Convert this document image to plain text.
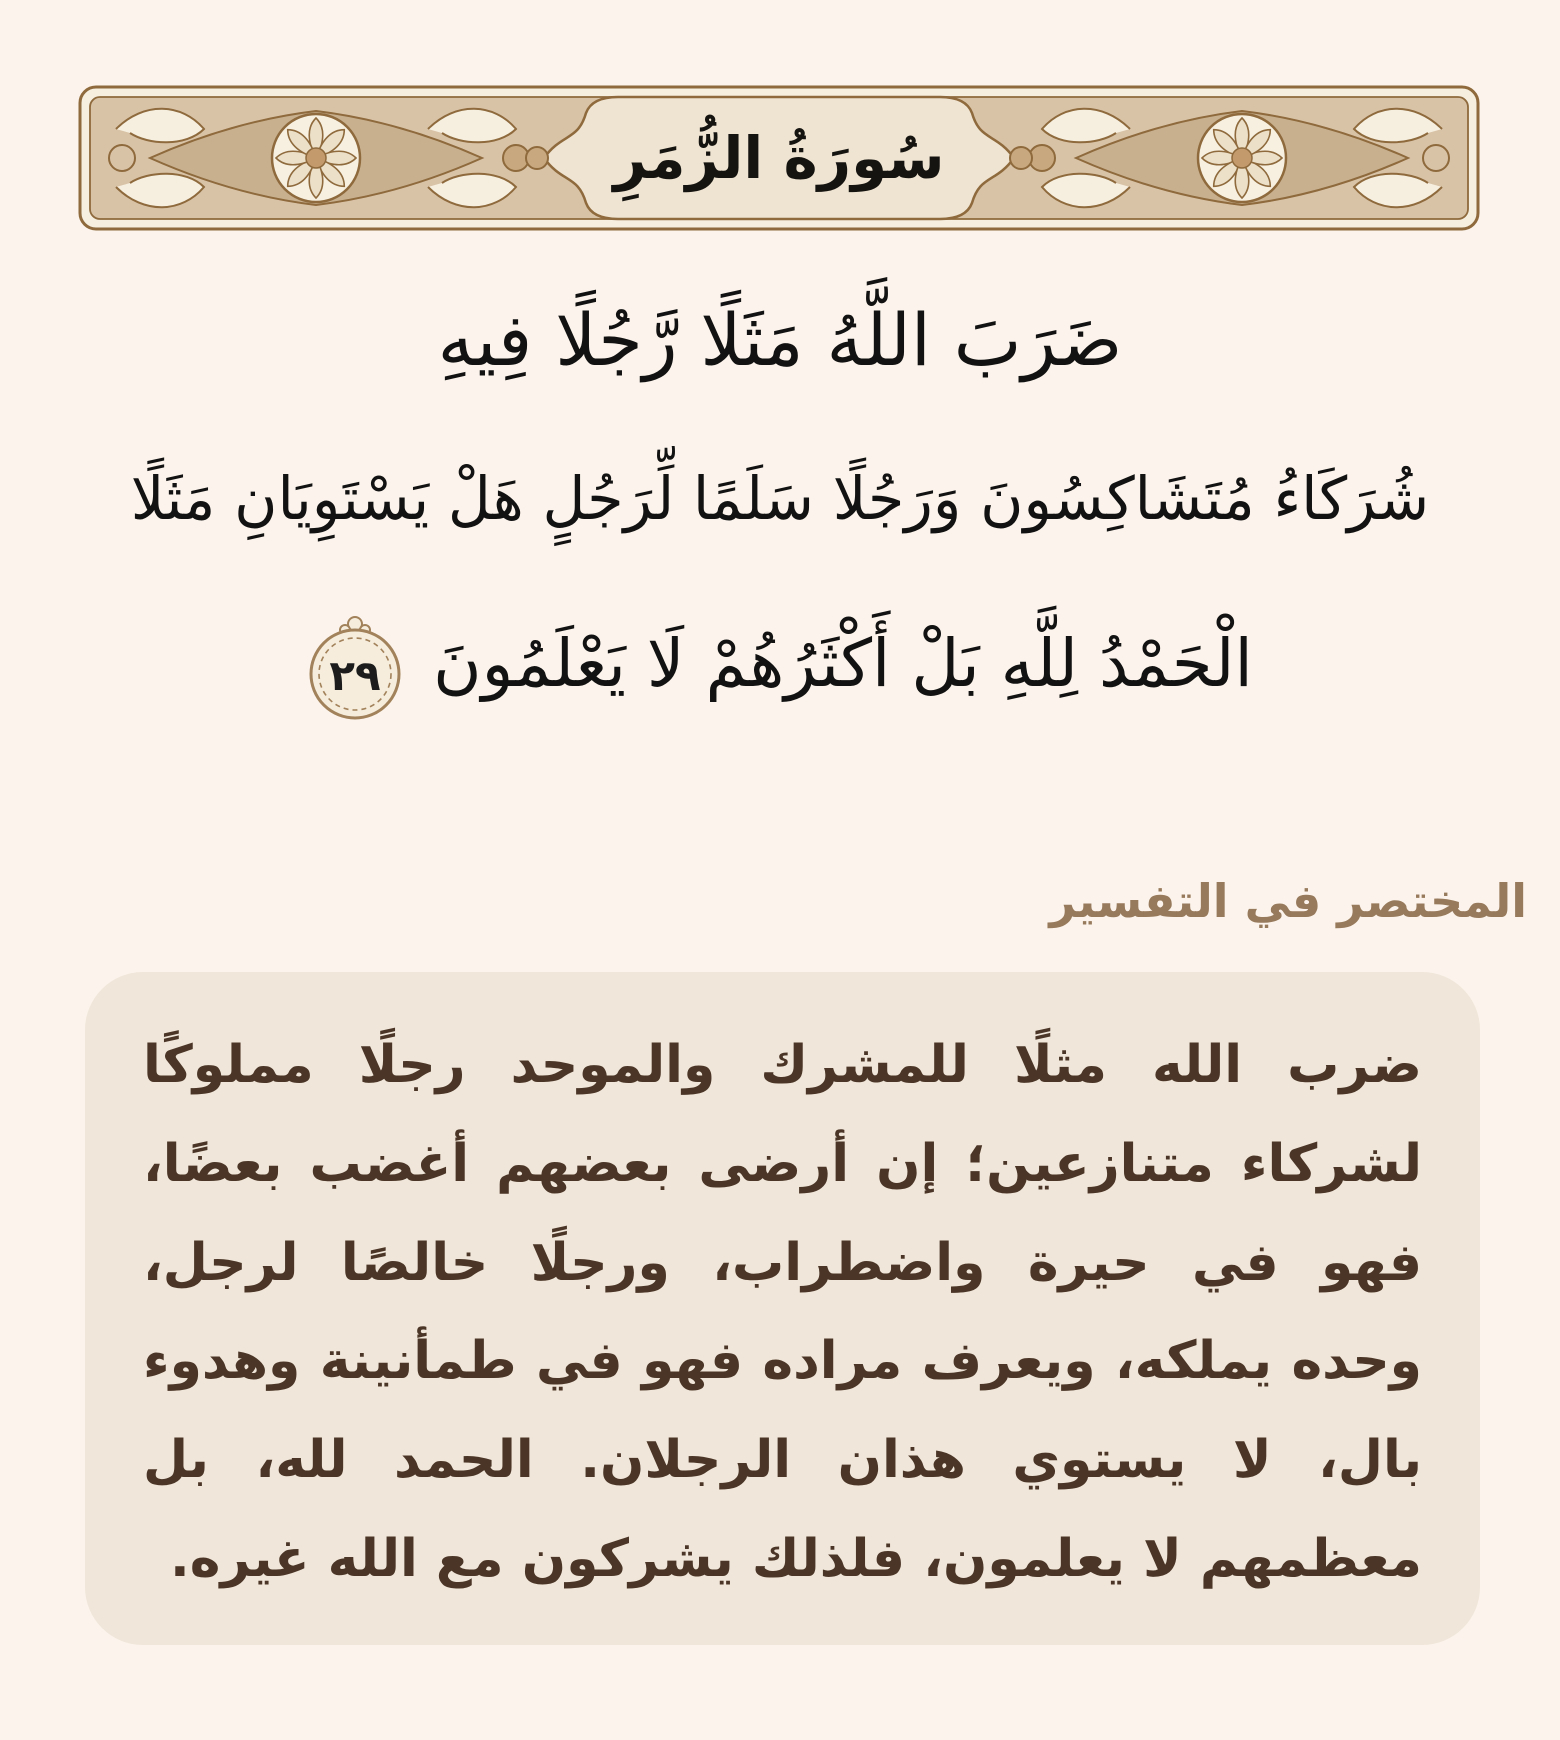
سُورَةُ الزُّمَرِ
ضَرَبَ اللَّهُ مَثَلًا رَّجُلًا فِيهِ
شُرَكَاءُ مُتَشَاكِسُونَ وَرَجُلًا سَلَمًا لِّرَجُلٍ هَلْ يَسْتَوِيَانِ مَثَلًا
الْحَمْدُ لِلَّهِ بَلْ أَكْثَرُهُمْ لَا يَعْلَمُونَ
٢٩
المختصر في التفسير

ضرب الله مثلًا للمشرك والموحد رجلًا مملوكًا لشركاء متنازعين؛ إن أرضى بعضهم أغضب بعضًا، فهو في حيرة واضطراب، ورجلًا خالصًا لرجل، وحده يملكه، ويعرف مراده فهو في طمأنينة وهدوء بال، لا يستوي هذان الرجلان. الحمد لله، بل معظمهم لا يعلمون، فلذلك يشركون مع الله غيره.
